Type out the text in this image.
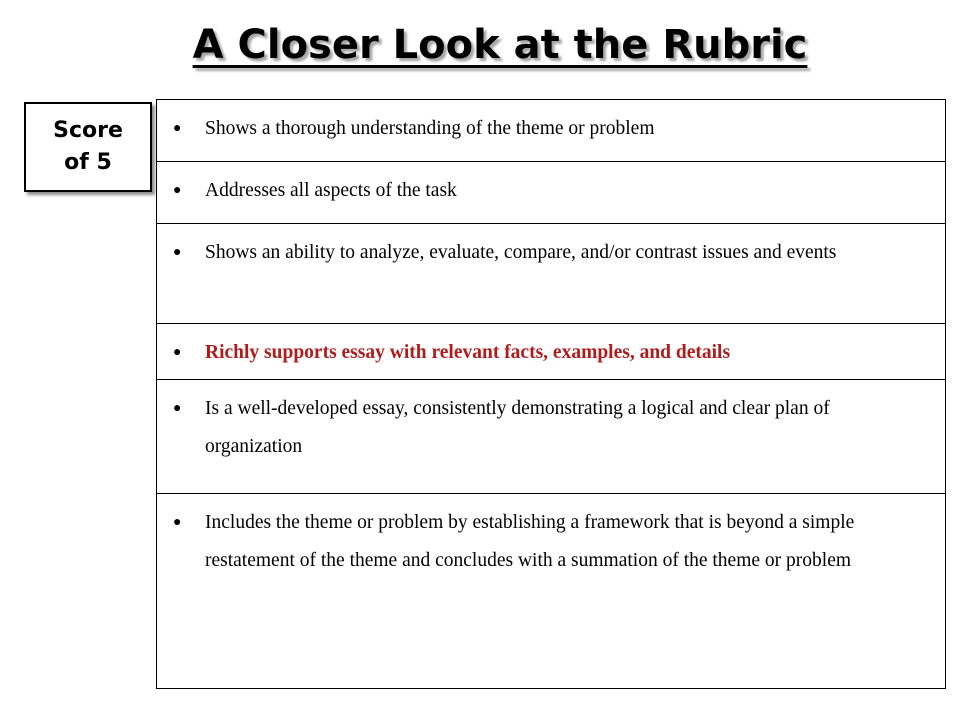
A Closer Look at the Rubric
Score
of 5
●	Shows a thorough understanding of the theme or problem

●	Addresses all aspects of the task

●	Shows an ability to analyze, evaluate, compare, and/or contrast issues and events

●	Richly supports essay with relevant facts, examples, and details

●	Is a well-developed essay, consistently demonstrating a logical and clear plan of organization

●	Includes the theme or problem by establishing a framework that is beyond a simple restatement of the theme and concludes with a summation of the theme or problem
